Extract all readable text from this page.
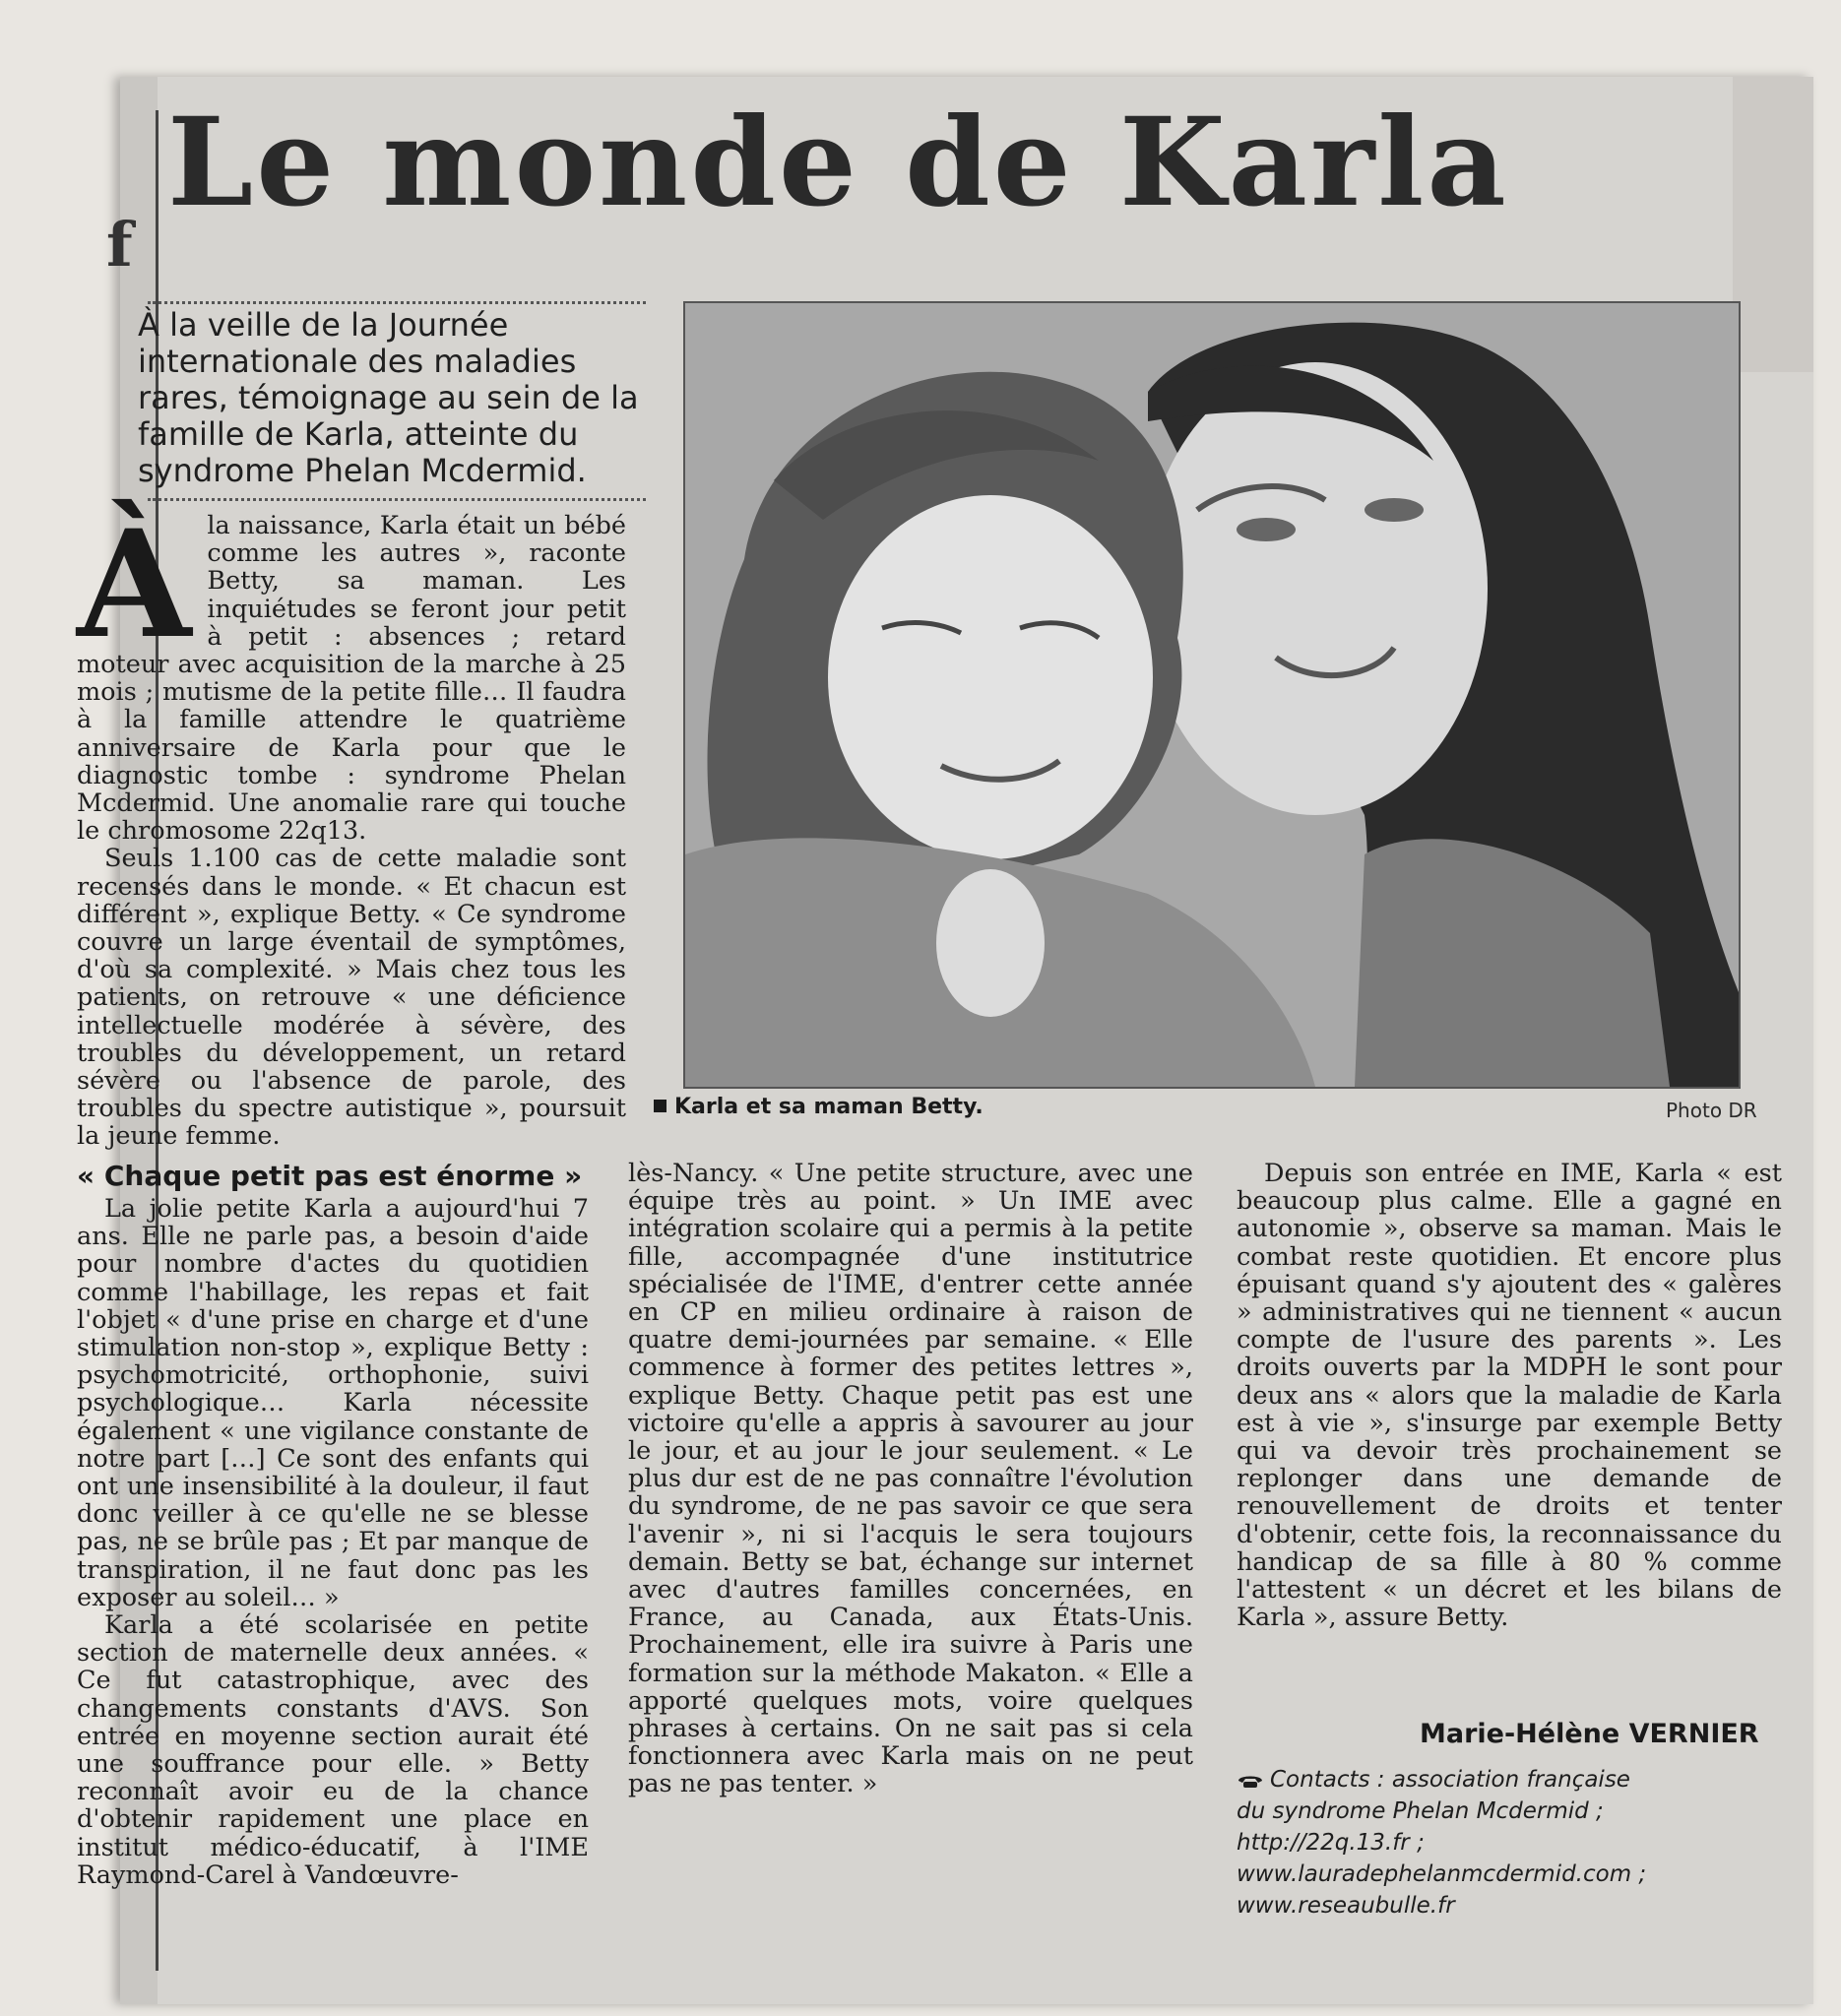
f
Le monde de Karla
À la veille de la Journée internationale des maladies rares, témoignage au sein de la famille de Karla, atteinte du syndrome Phelan Mcdermid.
À la naissance, Karla était un bébé comme les autres », raconte Betty, sa maman. Les inquiétudes se feront jour petit à petit : absences ; retard moteur avec acquisition de la marche à 25 mois ; mutisme de la petite fille… Il faudra à la famille attendre le quatrième anniversaire de Karla pour que le diagnostic tombe : syndrome Phelan Mcdermid. Une anomalie rare qui touche le chromosome 22q13.

Seuls 1.100 cas de cette maladie sont recensés dans le monde. « Et chacun est différent », explique Betty. « Ce syndrome couvre un large éventail de symptômes, d'où sa complexité. » Mais chez tous les patients, on retrouve « une déficience intellectuelle modérée à sévère, des troubles du développement, un retard sévère ou l'absence de parole, des troubles du spectre autistique », poursuit la jeune femme.

« Chaque petit pas est énorme »

La jolie petite Karla a aujourd'hui 7 ans. Elle ne parle pas, a besoin d'aide pour nombre d'actes du quotidien comme l'habillage, les repas et fait l'objet « d'une prise en charge et d'une stimulation non-stop », explique Betty : psychomotricité, orthophonie, suivi psychologique… Karla nécessite également « une vigilance constante de notre part […] Ce sont des enfants qui ont une insensibilité à la douleur, il faut donc veiller à ce qu'elle ne se blesse pas, ne se brûle pas ; Et par manque de transpiration, il ne faut donc pas les exposer au soleil… »

Karla a été scolarisée en petite section de maternelle deux années. « Ce fut catastrophique, avec des changements constants d'AVS. Son entrée en moyenne section aurait été une souffrance pour elle. » Betty reconnaît avoir eu de la chance d'obtenir rapidement une place en institut médico-éducatif, à l'IME Raymond-Carel à Vandœuvre-

Karla et sa maman Betty.	Photo DR

lès-Nancy. « Une petite structure, avec une équipe très au point. » Un IME avec intégration scolaire qui a permis à la petite fille, accompagnée d'une institutrice spécialisée de l'IME, d'entrer cette année en CP en milieu ordinaire à raison de quatre demi-journées par semaine. « Elle commence à former des petites lettres », explique Betty. Chaque petit pas est une victoire qu'elle a appris à savourer au jour le jour, et au jour le jour seulement. « Le plus dur est de ne pas connaître l'évolution du syndrome, de ne pas savoir ce que sera l'avenir », ni si l'acquis le sera toujours demain. Betty se bat, échange sur internet avec d'autres familles concernées, en France, au Canada, aux États-Unis. Prochainement, elle ira suivre à Paris une formation sur la méthode Makaton. « Elle a apporté quelques mots, voire quelques phrases à certains. On ne sait pas si cela fonctionnera avec Karla mais on ne peut pas ne pas tenter. »

Depuis son entrée en IME, Karla « est beaucoup plus calme. Elle a gagné en autonomie », observe sa maman. Mais le combat reste quotidien. Et encore plus épuisant quand s'y ajoutent des « galères » administratives qui ne tiennent « aucun compte de l'usure des parents ». Les droits ouverts par la MDPH le sont pour deux ans « alors que la maladie de Karla est à vie », s'insurge par exemple Betty qui va devoir très prochainement se replonger dans une demande de renouvellement de droits et tenter d'obtenir, cette fois, la reconnaissance du handicap de sa fille à 80 % comme l'attestent « un décret et les bilans de Karla », assure Betty.

Marie-Hélène VERNIER
Contacts : association française
du syndrome Phelan Mcdermid ;
http://22q.13.fr ;
www.lauradephelanmcdermid.com ;
www.reseaubulle.fr
